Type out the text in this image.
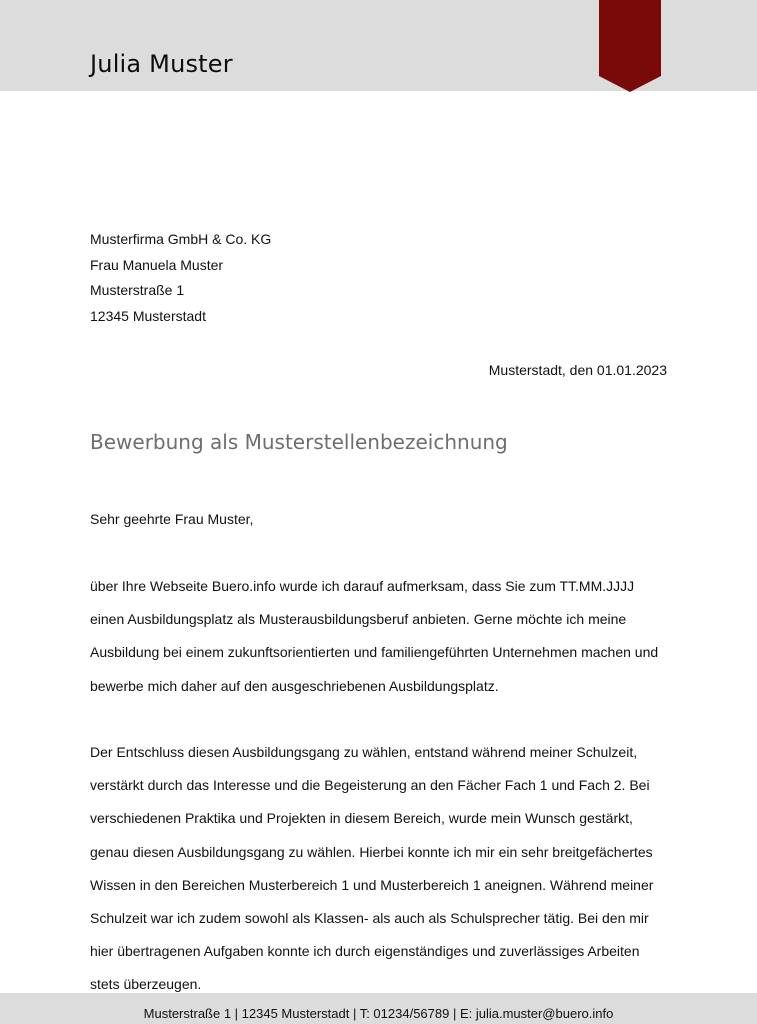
Julia Muster
Musterfirma GmbH & Co. KG
Frau Manuela Muster
Musterstraße 1
12345 Musterstadt
Musterstadt, den 01.01.2023
Bewerbung als Musterstellenbezeichnung
Sehr geehrte Frau Muster,
über Ihre Webseite Buero.info wurde ich darauf aufmerksam, dass Sie zum TT.MM.JJJJ
einen Ausbildungsplatz als Musterausbildungsberuf anbieten. Gerne möchte ich meine
Ausbildung bei einem zukunftsorientierten und familiengeführten Unternehmen machen und
bewerbe mich daher auf den ausgeschriebenen Ausbildungsplatz.
Der Entschluss diesen Ausbildungsgang zu wählen, entstand während meiner Schulzeit,
verstärkt durch das Interesse und die Begeisterung an den Fächer Fach 1 und Fach 2. Bei
verschiedenen Praktika und Projekten in diesem Bereich, wurde mein Wunsch gestärkt,
genau diesen Ausbildungsgang zu wählen. Hierbei konnte ich mir ein sehr breitgefächertes
Wissen in den Bereichen Musterbereich 1 und Musterbereich 1 aneignen. Während meiner
Schulzeit war ich zudem sowohl als Klassen- als auch als Schulsprecher tätig. Bei den mir
hier übertragenen Aufgaben konnte ich durch eigenständiges und zuverlässiges Arbeiten
stets überzeugen.
Musterstraße 1 | 12345 Musterstadt | T: 01234/56789 | E: julia.muster@buero.info
